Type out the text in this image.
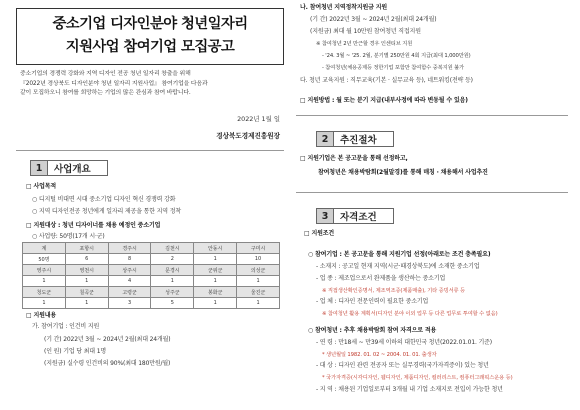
중소기업 디자인분야 청년일자리
지원사업 참여기업 모집공고
중소기업의 경쟁력 강화와 지역 디자인 전공 청년 일자리 창출을 위해
『2022년 경상북도 디자인분야 청년 일자리 지원사업』 참여기업을 다음과
같이 모집하오니 참여를 희망하는 기업의 많은 관심과 참여 바랍니다.
2022년 1월 일
경상북도경제진흥원장
1	사업개요
□ 사업목적
○ 디지털 비대면 시대 중소기업 디자인 혁신 경쟁력 강화
○ 지역 디자인전공 청년에게 일자리 제공을 통한 지역 정착
□ 지원대상 : 청년 디자이너를 채용 예정인 중소기업
○ 사업량: 50명(17개 시·군)
계	포항시	경주시	김천시	안동시	구미시
50명	6	8	2	1	10
영주시	영천시	상주시	문경시	군위군	의성군
1	1	4	1	1	1
청도군	칠곡군	고령군	성주군	봉화군	울진군
1	1	3	5	1	1
□ 지원내용
가. 참여기업 : 인건비 지원
(기 간) 2022년 3월 ~ 2024년 2월(최대 24개월)
(인 원) 기업 당 최대 1명
(지원금) 실수령 인건비의 90%(최대 180만원/월)
나. 참여청년 지역정착지원금 지원
(기 간) 2022년 3월 ~ 2024년 2월(최대 24개월)
(지원금) 최대 월 10만원 참여청년 직접지원
※ 참여청년 2년 만근할 경우 인센티브 지원
- '24. 3월 ~ '25. 2월, 분기별 250만원 4회 지급(최대 1,000만원)
- 참여청년(체용공제등 정한기업 포함만 참여함수 중복지원 불가
다. 청년 교육지원 : 직무교육(기본 · 실무교육 등), 네트워킹(전략 등)
□ 지원방법 : 월 또는 분기 지급(내부사정에 따라 변동될 수 있음)
2	추진절차
□ 지원기업은 본 공고문을 통해 선정하고,
참여청년은 채용박람회(2월말경)를 통해 매칭 · 채용해서 사업추진
3	자격조건
□ 지원조건
○ 참여기업 : 본 공고문을 통해 지원기업 선정(아래로는 조건 충족필요)
- 소재지 : 공고일 현재 지역(시군·때경상북도)에 소재한 중소기업
- 업 종 : 제조업으로서 완제품을 생산하는 중소기업
※ 직접생산확인증명서, 제조역조증(제품매출), 기타 증빙서류 등
- 업 체 : 디자인 전문인력이 필요한 중소기업
※ 참여청년 활용 계획서(디자인 분야 이외 업무 등 다른 업무로 투여할 수 없음)
○ 참여청년 : 추후 채용박람회 참여 자격으로 적용
- 연 령 : 만18세 ~ 만39세 이하의 대한민국 청년(2022.01.01. 기준)
* 생년월일 1982. 01. 02 ~ 2004. 01. 01. 출생자
- 대 상 : 디자인 관련 전공자 또는 실무경력(국가자격증이) 있는 청년
* 국가자격증(시각디자인, 웹디자인, 제품디자인, 컬러리스트, 컴퓨터그래픽스운용 등)
- 지 역 : 채용된 기업일로부터 3개월 내 기업 소재지로 전입이 가능한 청년
